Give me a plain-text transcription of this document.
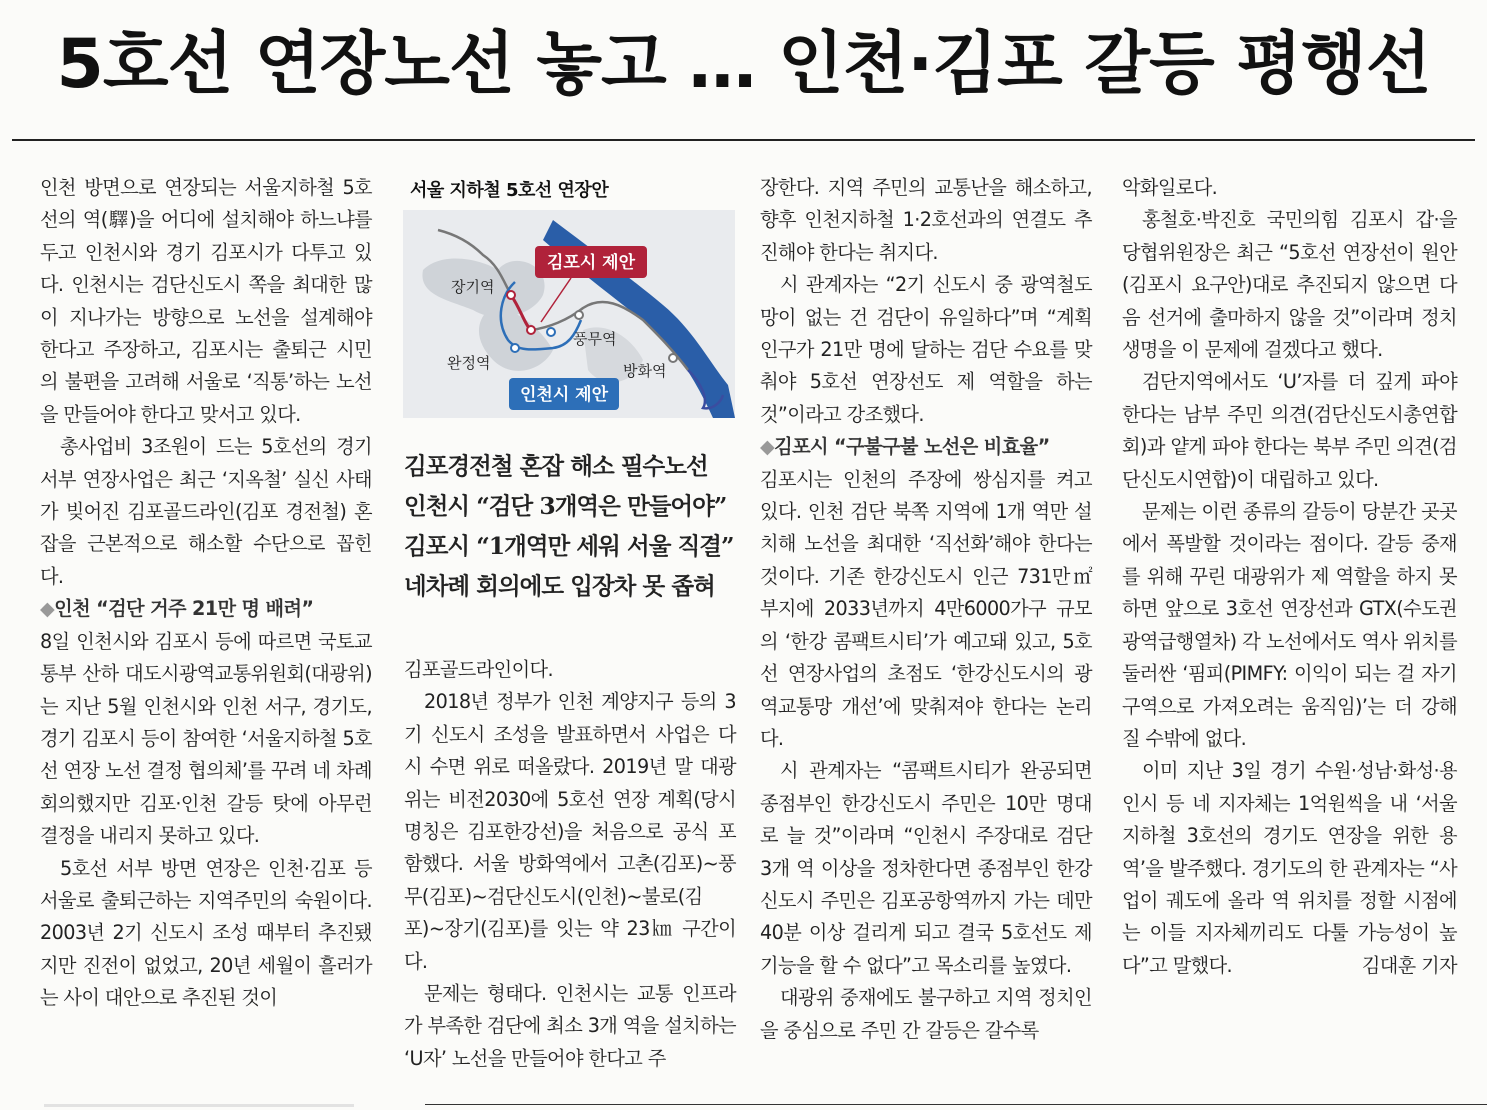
5호선 연장노선 놓고 … 인천·김포 갈등 평행선

인천 방면으로 연장되는 서울지하철 5호선의 역(驛)을 어디에 설치해야 하느냐를 두고 인천시와 경기 김포시가 다투고 있다. 인천시는 검단신도시 쪽을 최대한 많이 지나가는 방향으로 노선을 설계해야 한다고 주장하고, 김포시는 출퇴근 시민의 불편을 고려해 서울로 ‘직통’하는 노선을 만들어야 한다고 맞서고 있다.

총사업비 3조원이 드는 5호선의 경기 서부 연장사업은 최근 ‘지옥철’ 실신 사태가 빚어진 김포골드라인(김포 경전철) 혼잡을 근본적으로 해소할 수단으로 꼽힌다.

◆인천 “검단 거주 21만 명 배려”

8일 인천시와 김포시 등에 따르면 국토교통부 산하 대도시광역교통위원회(대광위)는 지난 5월 인천시와 인천 서구, 경기도, 경기 김포시 등이 참여한 ‘서울지하철 5호선 연장 노선 결정 협의체’를 꾸려 네 차례 회의했지만 김포·인천 갈등 탓에 아무런 결정을 내리지 못하고 있다.

5호선 서부 방면 연장은 인천·김포 등 서울로 출퇴근하는 지역주민의 숙원이다. 2003년 2기 신도시 조성 때부터 추진됐지만 진전이 없었고, 20년 세월이 흘러가는 사이 대안으로 추진된 것이

서울 지하철 5호선 연장안
김포시 제안
인천시 제안
장기역
풍무역
완정역	방화역
김포경전철 혼잡 해소 필수노선
인천시 “검단 3개역은 만들어야”
김포시 “1개역만 세워 서울 직결”
네차례 회의에도 입장차 못 좁혀

김포골드라인이다.

2018년 정부가 인천 계양지구 등의 3기 신도시 조성을 발표하면서 사업은 다시 수면 위로 떠올랐다. 2019년 말 대광위는 비전2030에 5호선 연장 계획(당시 명칭은 김포한강선)을 처음으로 공식 포함했다. 서울 방화역에서 고촌(김포)~풍무(김포)~검단신도시(인천)~불로(김포)~장기(김포)를 잇는 약 23㎞ 구간이다.

문제는 형태다. 인천시는 교통 인프라가 부족한 검단에 최소 3개 역을 설치하는 ‘U자’ 노선을 만들어야 한다고 주

장한다. 지역 주민의 교통난을 해소하고, 향후 인천지하철 1·2호선과의 연결도 추진해야 한다는 취지다.

시 관계자는 “2기 신도시 중 광역철도망이 없는 건 검단이 유일하다”며 “계획인구가 21만 명에 달하는 검단 수요를 맞춰야 5호선 연장선도 제 역할을 하는 것”이라고 강조했다.

◆김포시 “구불구불 노선은 비효율”

김포시는 인천의 주장에 쌍심지를 켜고 있다. 인천 검단 북쪽 지역에 1개 역만 설치해 노선을 최대한 ‘직선화’해야 한다는 것이다. 기존 한강신도시 인근 731만㎡ 부지에 2033년까지 4만6000가구 규모의 ‘한강 콤팩트시티’가 예고돼 있고, 5호선 연장사업의 초점도 ‘한강신도시의 광역교통망 개선’에 맞춰져야 한다는 논리다.

시 관계자는 “콤팩트시티가 완공되면 종점부인 한강신도시 주민은 10만 명대로 늘 것”이라며 “인천시 주장대로 검단 3개 역 이상을 정차한다면 종점부인 한강신도시 주민은 김포공항역까지 가는 데만 40분 이상 걸리게 되고 결국 5호선도 제 기능을 할 수 없다”고 목소리를 높였다.

대광위 중재에도 불구하고 지역 정치인을 중심으로 주민 간 갈등은 갈수록

악화일로다.

홍철호·박진호 국민의힘 김포시 갑·을 당협위원장은 최근 “5호선 연장선이 원안(김포시 요구안)대로 추진되지 않으면 다음 선거에 출마하지 않을 것”이라며 정치생명을 이 문제에 걸겠다고 했다.

검단지역에서도 ‘U’자를 더 깊게 파야 한다는 남부 주민 의견(검단신도시총연합회)과 얕게 파야 한다는 북부 주민 의견(검단신도시연합)이 대립하고 있다.

문제는 이런 종류의 갈등이 당분간 곳곳에서 폭발할 것이라는 점이다. 갈등 중재를 위해 꾸린 대광위가 제 역할을 하지 못하면 앞으로 3호선 연장선과 GTX(수도권광역급행열차) 각 노선에서도 역사 위치를 둘러싼 ‘핌피(PIMFY: 이익이 되는 걸 자기 구역으로 가져오려는 움직임)’는 더 강해질 수밖에 없다.

이미 지난 3일 경기 수원·성남·화성·용인시 등 네 지자체는 1억원씩을 내 ‘서울 지하철 3호선의 경기도 연장을 위한 용역’을 발주했다. 경기도의 한 관계자는 “사업이 궤도에 올라 역 위치를 정할 시점에는 이들 지자체끼리도 다툴 가능성이 높다”고 말했다.	김대훈 기자
